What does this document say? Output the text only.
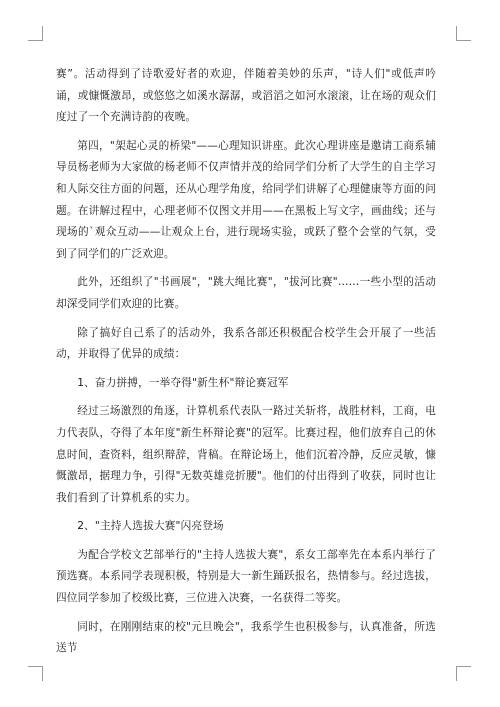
赛”。活动得到了诗歌爱好者的欢迎，伴随着美妙的乐声，"诗人们"或低声吟诵，或慷慨激昂，或悠悠之如溪水潺潺，或滔滔之如河水滚滚，让在场的观众们度过了一个充满诗韵的夜晚。

第四，"架起心灵的桥梁"——心理知识讲座。此次心理讲座是邀请工商系辅导员杨老师为大家做的杨老师不仅声情并茂的给同学们分析了大学生的自主学习和人际交往方面的问题，还从心理学角度，给同学们讲解了心理健康等方面的问题。在讲解过程中，心理老师不仅图文并用——在黑板上写文字，画曲线；还与现场的`观众互动——让观众上台，进行现场实验，或跃了整个会堂的气氛，受到了同学们的广泛欢迎。

此外，还组织了"书画展"，"跳大绳比赛"，"拔河比赛"……一些小型的活动却深受同学们欢迎的比赛。

除了搞好自己系了的活动外，我系各部还积极配合校学生会开展了一些活动，并取得了优异的成绩：

1、奋力拼搏，一举夺得"新生杯"辩论赛冠军

经过三场激烈的角逐，计算机系代表队一路过关斩将，战胜材料，工商，电力代表队，夺得了本年度"新生杯辩论赛"的冠军。比赛过程，他们放弃自己的休息时间，查资料，组织辩辞，背稿。在辩论场上，他们沉着冷静，反应灵敏，慷慨激昂，据理力争，引得"无数英雄竞折腰"。他们的付出得到了收获，同时也让我们看到了计算机系的实力。

2、"主持人选拔大赛"闪亮登场

为配合学校文艺部举行的"主持人选拔大赛"，系女工部率先在本系内举行了预选赛。本系同学表现积极，特别是大一新生踊跃报名，热情参与。经过选拔，四位同学参加了校级比赛，三位进入决赛，一名获得二等奖。

同时，在刚刚结束的校"元旦晚会"，我系学生也积极参与，认真准备，所选送节
